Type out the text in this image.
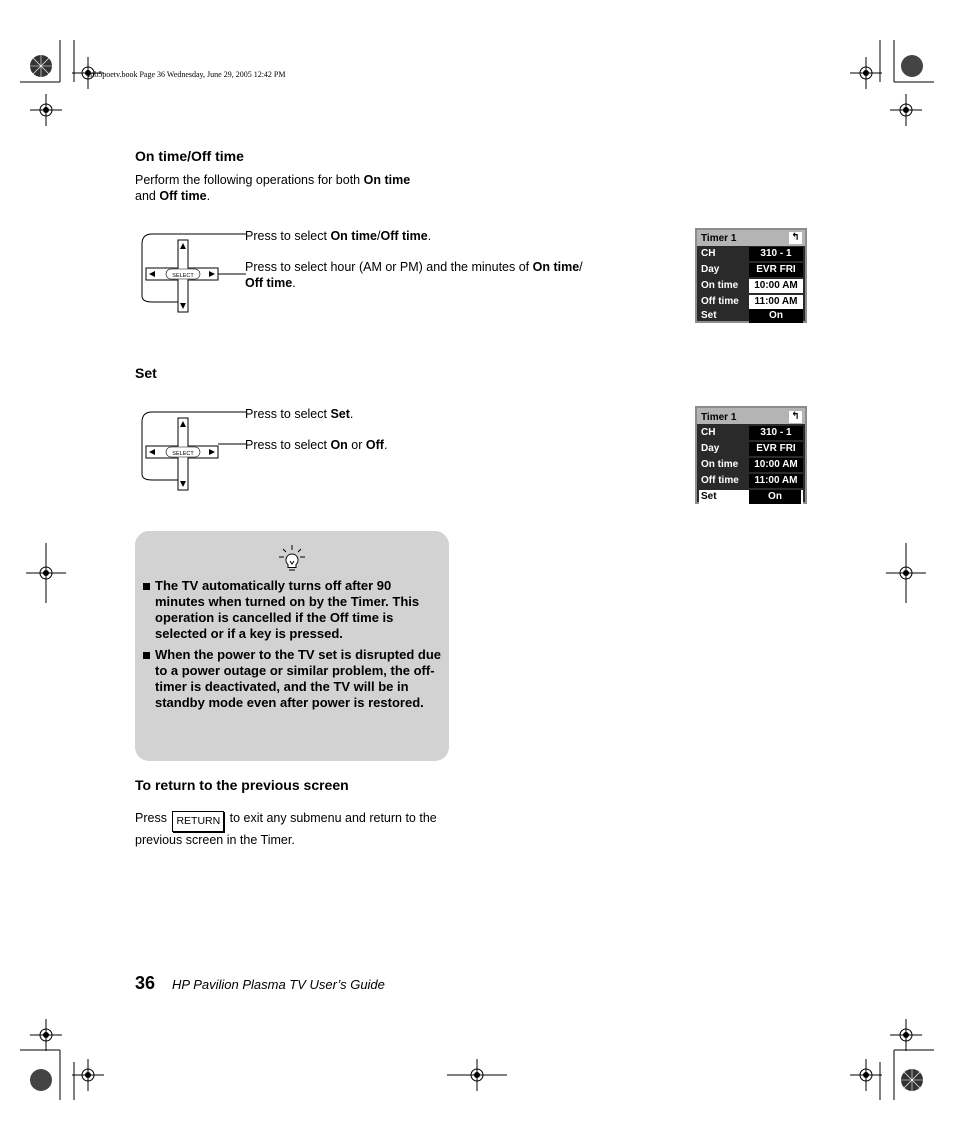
mb5poetv.book Page 36 Wednesday, June 29, 2005 12:42 PM
On time/Off time
Perform the following operations for both On time
and Off time.
SELECT
Press to select On time/Off time.
Press to select hour (AM or PM) and the minutes of On time/
Off time.
Timer 1	↰
CH	310 - 1
Day	EVR FRI
On time	10:00 AM
Off time	11:00 AM
Set	On
Set
SELECT
Press to select Set.
Press to select On or Off.
Timer 1	↰
CH	310 - 1
Day	EVR FRI
On time	10:00 AM
Off time	11:00 AM
Set	On
The TV automatically turns off after 90 minutes when turned on by the Timer. This operation is cancelled if the Off time is selected or if a key is pressed.
When the power to the TV set is disrupted due to a power outage or similar problem, the off-timer is deactivated, and the TV will be in standby mode even after power is restored.
To return to the previous screen
Press RETURN to exit any submenu and return to the previous screen in the Timer.
36 HP Pavilion Plasma TV User’s Guide
